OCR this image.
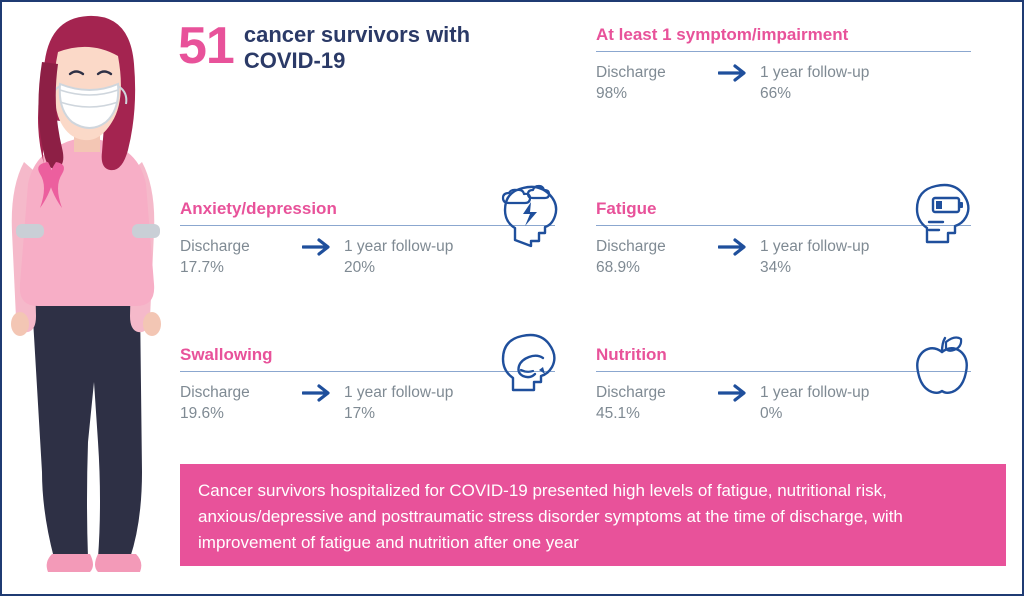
51 cancer survivors with COVID-19
At least 1 symptom/impairment
Discharge
98%
1 year follow-up
66%
Anxiety/depression
Discharge
17.7%
1 year follow-up
20%
Fatigue
Discharge
68.9%
1 year follow-up
34%
Swallowing
Discharge
19.6%
1 year follow-up
17%
Nutrition
Discharge
45.1%
1 year follow-up
0%
Cancer survivors hospitalized for COVID-19 presented high levels of fatigue, nutritional risk, anxious/depressive and posttraumatic stress disorder symptoms at the time of discharge, with improvement of fatigue and nutrition after one year
